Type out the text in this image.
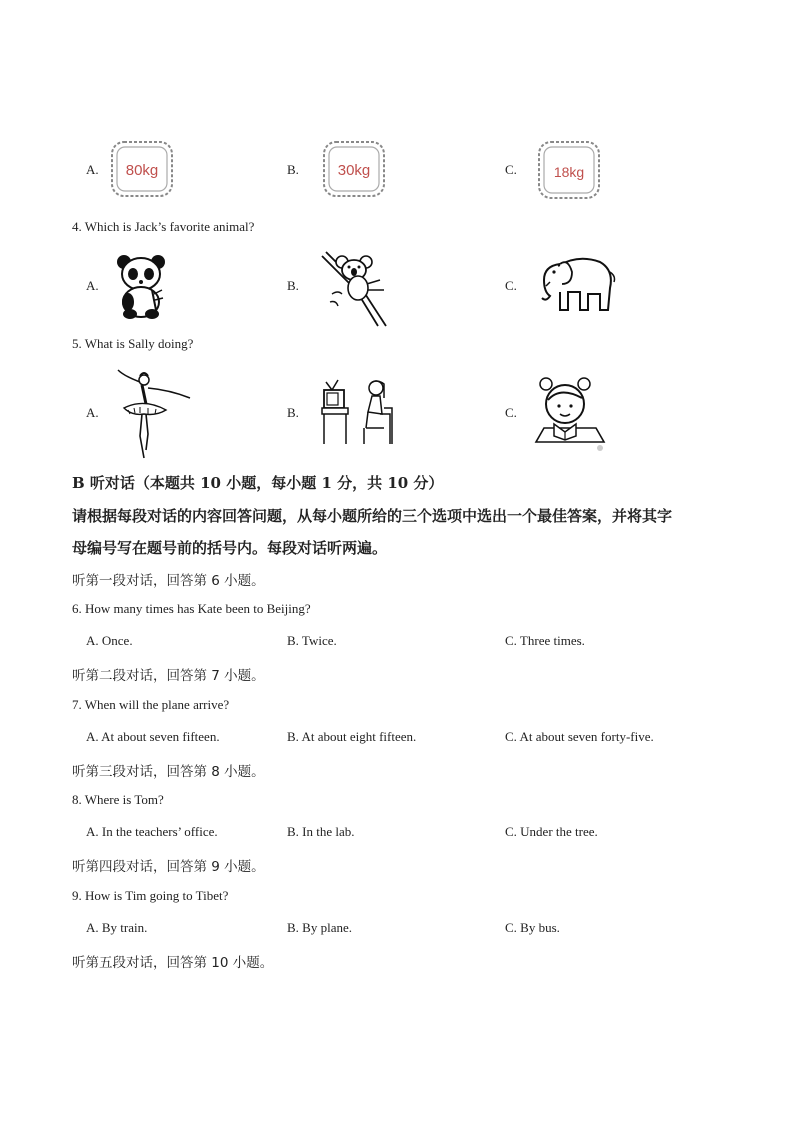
A. 80kg	B.	30kg	C.	18kg
4. Which is Jack’s favorite animal?
A.	B.	C.
5. What is Sally doing?
A.	B.	C.
B 听对话（本题共 10 小题，每小题 1 分，共 10 分）
请根据每段对话的内容回答问题，从每小题所给的三个选项中选出一个最佳答案，并将其字
母编号写在题号前的括号内。每段对话听两遍。
听第一段对话，回答第 6 小题。
6. How many times has Kate been to Beijing?
A. Once.	B. Twice.	C. Three times.
听第二段对话，回答第 7 小题。
7. When will the plane arrive?
A. At about seven fifteen.	B. At about eight fifteen.	C. At about seven forty-five.
听第三段对话，回答第 8 小题。
8. Where is Tom?
A. In the teachers’ office.	B. In the lab.	C. Under the tree.
听第四段对话，回答第 9 小题。
9. How is Tim going to Tibet?
A. By train.	B. By plane.	C. By bus.
听第五段对话，回答第 10 小题。
